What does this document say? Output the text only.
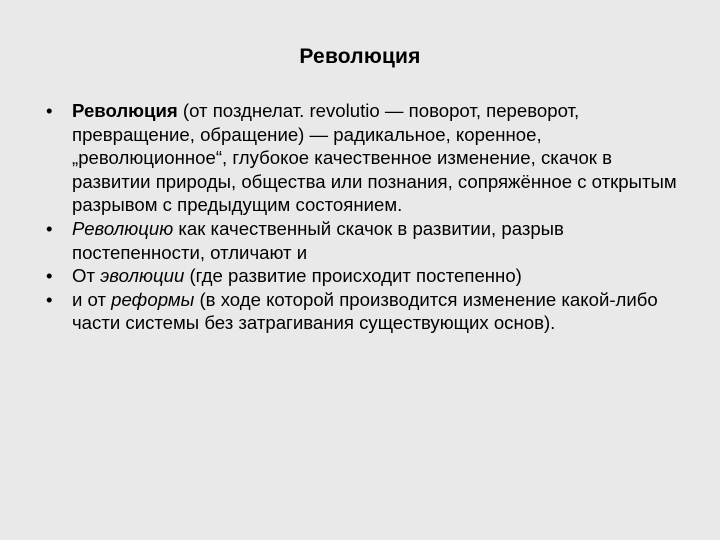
Революция
•	Революция (от позднелат. revolutio — поворот, переворот, превращение, обращение) — радикальное, коренное, „революционное“, глубокое качественное изменение, скачок в развитии природы, общества или познания, сопряжённое с открытым разрывом с предыдущим состоянием.
•	Революцию как качественный скачок в развитии, разрыв постепенности, отличают и
•	От эволюции (где развитие происходит постепенно)
•	и от реформы (в ходе которой производится изменение какой-либо части системы без затрагивания существующих основ).
